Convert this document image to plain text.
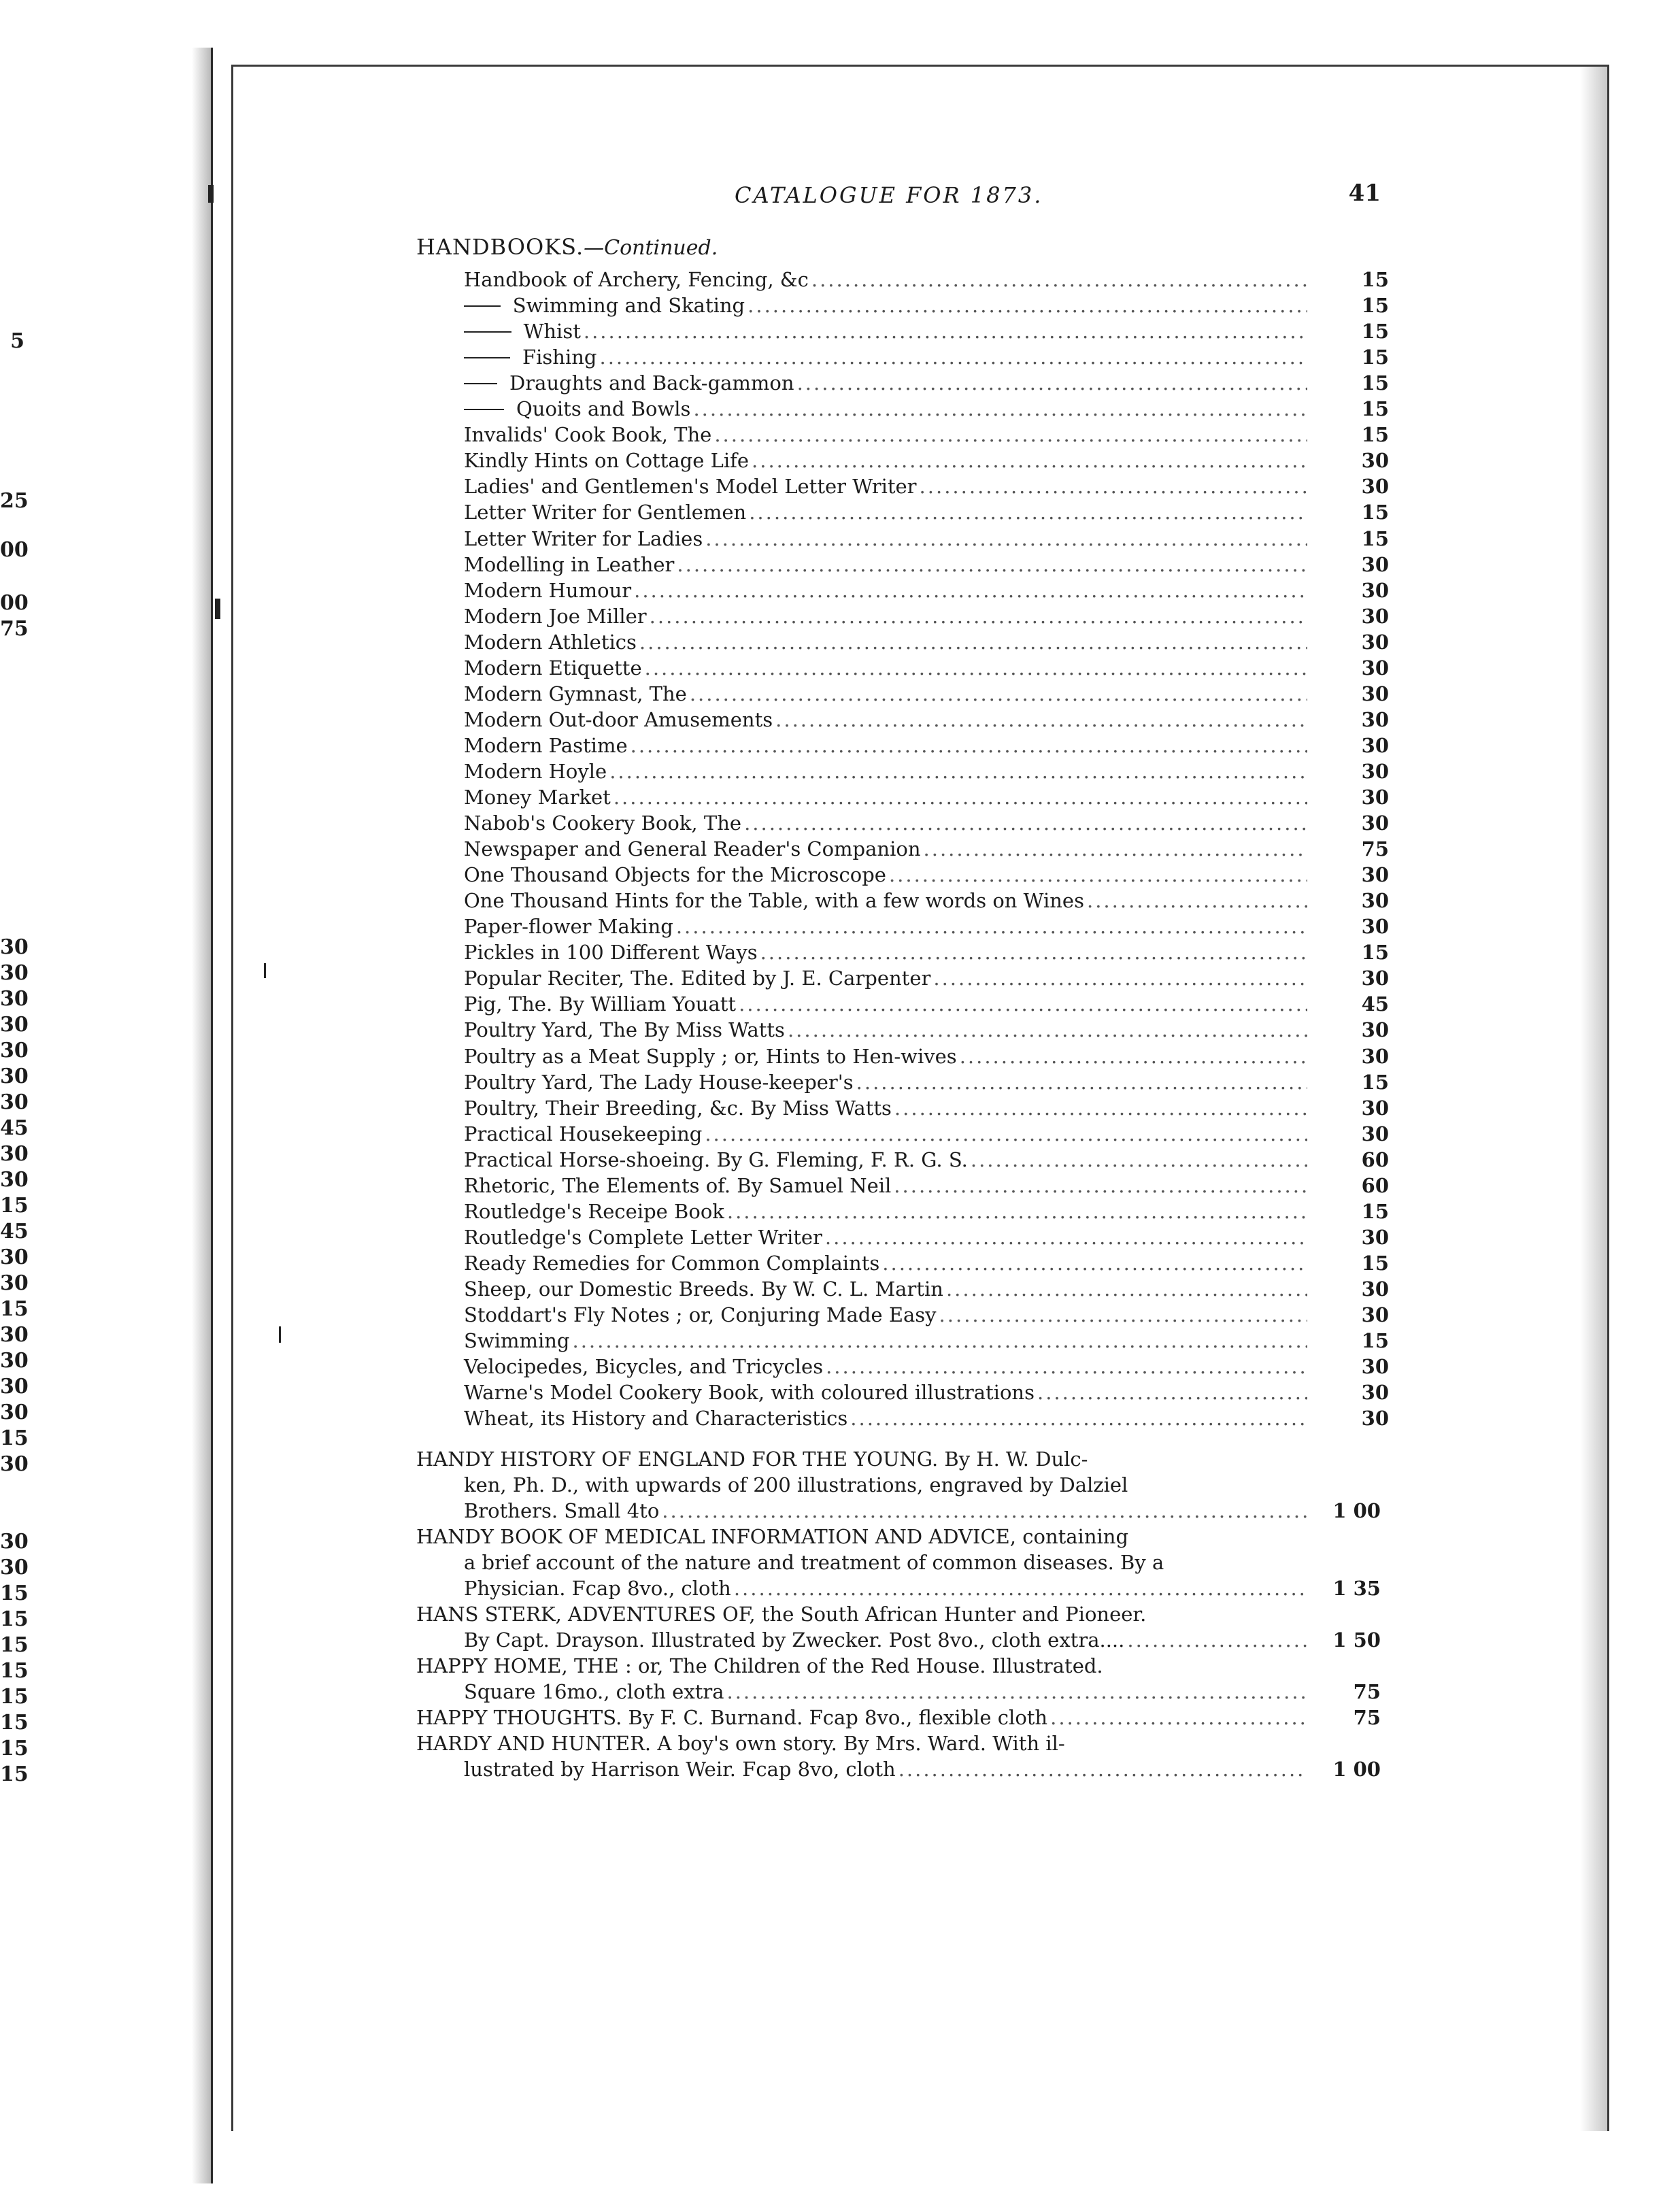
5
25
00
00
75
30
30
30
30
30
30
30
45
30
30
15
45
30
30
15
30
30
30
30
15
30
30
30
15
15
15
15
15
15
15
15
CATALOGUE FOR 1873.	41
HANDBOOKS.—Continued.
Handbook of Archery, Fencing, &c .....	15
Swimming and Skating .....	15
Whist .....	15
Fishing .....	15
Draughts and Back-gammon .....	15
Quoits and Bowls .....	15
Invalids' Cook Book, The .....	15
Kindly Hints on Cottage Life .....	30
Ladies' and Gentlemen's Model Letter Writer .....	30
Letter Writer for Gentlemen .....	15
Letter Writer for Ladies .....	15
Modelling in Leather .....	30
Modern Humour .....	30
Modern Joe Miller .....	30
Modern Athletics .....	30
Modern Etiquette .....	30
Modern Gymnast, The .....	30
Modern Out-door Amusements .....	30
Modern Pastime .....	30
Modern Hoyle .....	30
Money Market .....	30
Nabob's Cookery Book, The .....	30
Newspaper and General Reader's Companion .....	75
One Thousand Objects for the Microscope .....	30
One Thousand Hints for the Table, with a few words on Wines .....	30
Paper-flower Making .....	30
Pickles in 100 Different Ways .....	15
Popular Reciter, The. Edited by J. E. Carpenter .....	30
Pig, The. By William Youatt .....	45
Poultry Yard, The By Miss Watts .....	30
Poultry as a Meat Supply ; or, Hints to Hen-wives .....	30
Poultry Yard, The Lady House-keeper's .....	15
Poultry, Their Breeding, &c. By Miss Watts .....	30
Practical Housekeeping .....	30
Practical Horse-shoeing. By G. Fleming, F. R. G. S. .....	60
Rhetoric, The Elements of. By Samuel Neil .....	60
Routledge's Receipe Book .....	15
Routledge's Complete Letter Writer .....	30
Ready Remedies for Common Complaints .....	15
Sheep, our Domestic Breeds. By W. C. L. Martin .....	30
Stoddart's Fly Notes ; or, Conjuring Made Easy .....	30
Swimming .....	15
Velocipedes, Bicycles, and Tricycles .....	30
Warne's Model Cookery Book, with coloured illustrations .....	30
Wheat, its History and Characteristics .....	30
HANDY HISTORY OF ENGLAND FOR THE YOUNG. By H. W. Dulc-
ken, Ph. D., with upwards of 200 illustrations, engraved by Dalziel
Brothers. Small 4to .....	1 00
HANDY BOOK OF MEDICAL INFORMATION AND ADVICE, containing
a brief account of the nature and treatment of common diseases. By a
Physician. Fcap 8vo., cloth .....	1 35
HANS STERK, ADVENTURES OF, the South African Hunter and Pioneer.
By Capt. Drayson. Illustrated by Zwecker. Post 8vo., cloth extra.... .....	1 50
HAPPY HOME, THE : or, The Children of the Red House. Illustrated.
Square 16mo., cloth extra .....	75
HAPPY THOUGHTS. By F. C. Burnand. Fcap 8vo., flexible cloth .....	75
HARDY AND HUNTER. A boy's own story. By Mrs. Ward. With il-
lustrated by Harrison Weir. Fcap 8vo, cloth .....	1 00
